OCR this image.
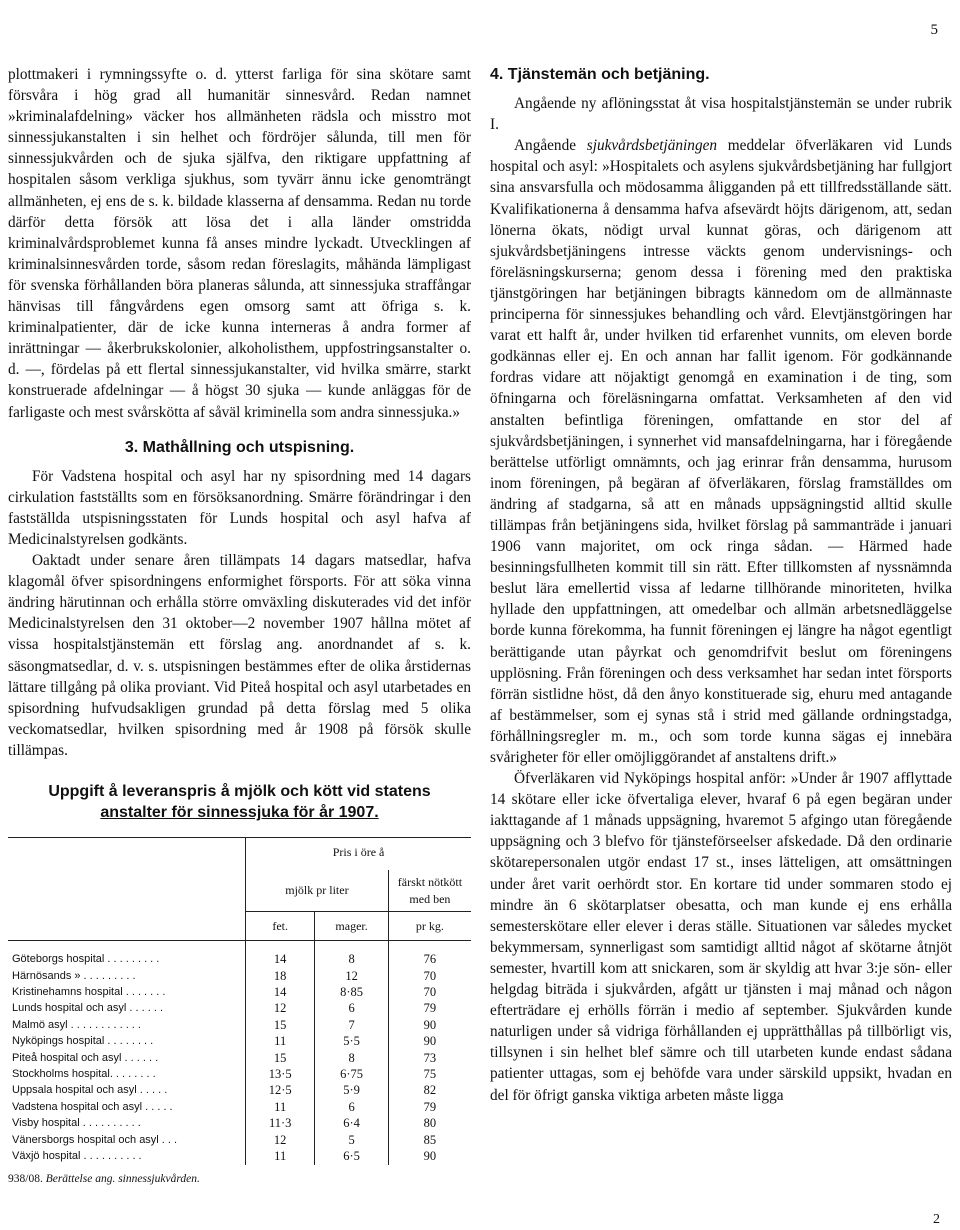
5

plottmakeri i rymningssyfte o. d. ytterst farliga för sina skötare samt försvåra i hög grad all humanitär sinnesvård. Redan namnet »kriminalafdelning» väcker hos allmänheten rädsla och misstro mot sinnessjukanstalten i sin helhet och fördröjer sålunda, till men för sinnessjukvården och de sjuka själfva, den riktigare uppfattning af hospitalen såsom verkliga sjukhus, som tyvärr ännu icke genomträngt allmänheten, ej ens de s. k. bildade klasserna af densamma. Redan nu torde därför detta försök att lösa det i alla länder omstridda kriminalvårdsproblemet kunna få anses mindre lyckadt. Utvecklingen af kriminalsinnesvården torde, såsom redan föreslagits, måhända lämpligast för svenska förhållanden böra planeras sålunda, att sinnessjuka straffångar hänvisas till fångvårdens egen omsorg samt att öfriga s. k. kriminalpatienter, där de icke kunna interneras å andra former af inrättningar — åkerbrukskolonier, alkoholisthem, uppfostringsanstalter o. d. —, fördelas på ett flertal sinnessjukanstalter, vid hvilka smärre, starkt konstruerade afdelningar — å högst 30 sjuka — kunde anläggas för de farligaste och mest svårskötta af såväl kriminella som andra sinnessjuka.»

3. Mathållning och utspisning.

För Vadstena hospital och asyl har ny spisordning med 14 dagars cirkulation fastställts som en försöksanordning. Smärre förändringar i den fastställda utspisningsstaten för Lunds hospital och asyl hafva af Medicinalstyrelsen godkänts.

Oaktadt under senare åren tillämpats 14 dagars matsedlar, hafva klagomål öfver spisordningens enformighet försports. För att söka vinna ändring härutinnan och erhålla större omväxling diskuterades vid det inför Medicinalstyrelsen den 31 oktober—2 november 1907 hållna mötet af vissa hospitalstjänstemän ett förslag ang. anordnandet af s. k. säsongmatsedlar, d. v. s. utspisningen bestämmes efter de olika årstidernas lättare tillgång på olika proviant. Vid Piteå hospital och asyl utarbetades en spisordning hufvudsakligen grundad på detta förslag med 5 olika veckomatsedlar, hvilken spisordning med år 1908 på försök skulle tillämpas.

Uppgift å leveranspris å mjölk och kött vid statens
anstalter för sinnessjuka för år 1907.
	Pris i öre å		
	mjölk pr liter		färskt nötkött med ben
	fet.	mager.	pr kg.

Göteborgs hospital . . . . . . . . .	14	8	76
Härnösands » . . . . . . . . .	18	12	70
Kristinehamns hospital . . . . . . .	14	8·85	70
Lunds hospital och asyl . . . . . .	12	6	79
Malmö asyl . . . . . . . . . . . .	15	7	90
Nyköpings hospital . . . . . . . .	11	5·5	90
Piteå hospital och asyl . . . . . .	15	8	73
Stockholms hospital. . . . . . . .	13·5	6·75	75
Uppsala hospital och asyl . . . . .	12·5	5·9	82
Vadstena hospital och asyl . . . . .	11	6	79
Visby hospital . . . . . . . . . .	11·3	6·4	80
Vänersborgs hospital och asyl . . .	12	5	85
Växjö hospital . . . . . . . . . .	11	6·5	90

938/08. Berättelse ang. sinnessjukvården.

4. Tjänstemän och betjäning.

Angående ny aflöningsstat åt visa hospitalstjänstemän se under rubrik I.

Angående sjukvårdsbetjäningen meddelar öfverläkaren vid Lunds hospital och asyl: »Hospitalets och asylens sjukvårdsbetjäning har fullgjort sina ansvarsfulla och mödosamma åligganden på ett tillfredsställande sätt. Kvalifikationerna å densamma hafva afsevärdt höjts därigenom, att, sedan lönerna ökats, nödigt urval kunnat göras, och därigenom att sjukvårdsbetjäningens intresse väckts genom undervisnings- och föreläsningskurserna; genom dessa i förening med den praktiska tjänstgöringen har betjäningen bibragts kännedom om de allmännaste principerna för sinnessjukes behandling och vård. Elevtjänstgöringen har varat ett halft år, under hvilken tid erfarenhet vunnits, om eleven borde godkännas eller ej. En och annan har fallit igenom. För godkännande fordras vidare att nöjaktigt genomgå en examination i de ting, som öfningarna och föreläsningarna omfattat. Verksamheten af den vid anstalten befintliga föreningen, omfattande en stor del af sjukvårdsbetjäningen, i synnerhet vid mansafdelningarna, har i föregående berättelse utförligt omnämnts, och jag erinrar från densamma, hurusom inom föreningen, på begäran af öfverläkaren, förslag framställdes om ändring af stadgarna, så att en månads uppsägningstid alltid skulle tillämpas från betjäningens sida, hvilket förslag på sammanträde i januari 1906 vann majoritet, om ock ringa sådan. — Härmed hade besinningsfullheten kommit till sin rätt. Efter tillkomsten af nyssnämnda beslut lära emellertid vissa af ledarne tillhörande minoriteten, hvilka hyllade den uppfattningen, att omedelbar och allmän arbetsnedläggelse borde kunna förekomma, ha funnit föreningen ej längre ha något egentligt berättigande utan påyrkat och genomdrifvit beslut om föreningens upplösning. Från föreningen och dess verksamhet har sedan intet försports förrän sistlidne höst, då den ånyo konstituerade sig, ehuru med antagande af bestämmelser, som ej synas stå i strid med gällande ordningstadga, förhållningsregler m. m., och som torde kunna sägas ej innebära svårigheter för eller omöjliggörandet af anstaltens drift.»

Öfverläkaren vid Nyköpings hospital anför: »Under år 1907 afflyttade 14 skötare eller icke öfvertaliga elever, hvaraf 6 på egen begäran under iakttagande af 1 månads uppsägning, hvaremot 5 afgingo utan föregående uppsägning och 3 blefvo för tjänsteförseelser afskedade. Då den ordinarie skötarepersonalen utgör endast 17 st., inses lätteligen, att omsättningen under året varit oerhördt stor. En kortare tid under sommaren stodo ej mindre än 6 skötarplatser obesatta, och man kunde ej ens erhålla semesterskötare eller elever i deras ställe. Situationen var således mycket bekymmersam, synnerligast som samtidigt alltid något af skötarne åtnjöt semester, hvartill kom att snickaren, som är skyldig att hvar 3:je sön- eller helgdag biträda i sjukvården, afgått ur tjänsten i maj månad och någon efterträdare ej erhölls förrän i medio af september. Sjukvården kunde naturligen under så vidriga förhållanden ej upprätthållas på tillbörligt vis, tillsynen i sin helhet blef sämre och till utarbeten kunde endast sådana patienter uttagas, som ej behöfde vara under särskild uppsikt, hvadan en del för öfrigt ganska viktiga arbeten måste ligga

2
